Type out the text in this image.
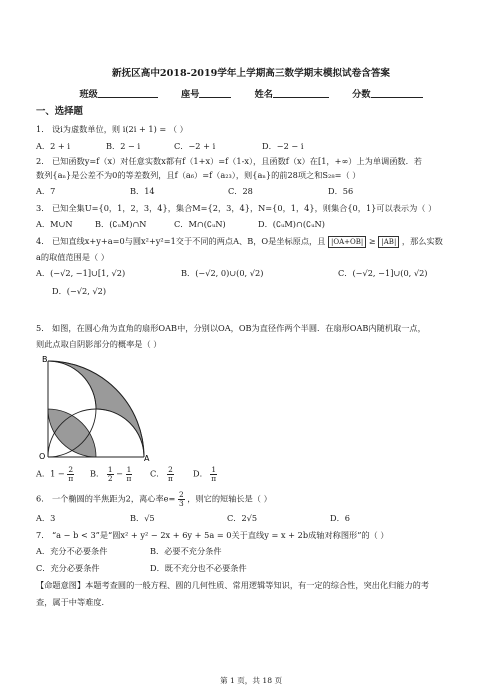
新抚区高中2018-2019学年上学期高三数学期末模拟试卷含答案
班级	座号	姓名	分数
一、选择题
1． 设i为虚数单位，则 i(2i + 1) = （ ）
A．2 + i	B．2 − i	C．−2 + i	D．−2 − i
2． 已知函数y=f（x）对任意实数x都有f（1+x）=f（1-x），且函数f（x）在[1，+∞）上为单调函数．若
数列{aₙ}是公差不为0的等差数列，且f（a₆）=f（a₂₃），则{aₙ}的前28项之和S₂₈=（ ）
A．7	B．14	C．28	D．56
3． 已知全集U={0，1，2，3，4}，集合M={2，3，4}，N={0，1，4}，则集合{0，1}可以表示为（ ）
A．M∪N	B．(∁ᵤM)∩N	C．M∩(∁ᵤN)	D．(∁ᵤM)∩(∁ᵤN)
4． 已知直线x+y+a=0与圆x²+y²=1交于不同的两点A、B，O是坐标原点，且 |OA+OB| ≥ |AB| ，那么实数
a的取值范围是（ ）
A．(−√2, −1]∪[1, √2)	B．(−√2, 0)∪(0, √2)	C．(−√2, −1]∪(0, √2)
D．(−√2, √2)
5． 如图，在圆心角为直角的扇形OAB中，分别以OA，OB为直径作两个半圆．在扇形OAB内随机取一点，
则此点取自阴影部分的概率是（ ）
B
O	A
A．$1 - \frac{2}{\pi}$ B． $\frac{1}{2} - \frac{1}{\pi}$ C． $\frac{2}{\pi}$ D． $\frac{1}{\pi}$
6． 一个椭圆的半焦距为2，离心率$e= \frac{2}{3}$ ，则它的短轴长是（ ）
A．3	B．√5	C．2√5	D．6
7． “a − b < 3”是“圆x² + y² − 2x + 6y + 5a = 0关于直线y = x + 2b成轴对称图形”的（ ）
A．充分不必要条件	B．必要不充分条件
C．充分必要条件	D．既不充分也不必要条件
【命题意图】本题考查圆的一般方程、圆的几何性质、常用逻辑等知识，有一定的综合性，突出化归能力的考
查，属于中等难度．
第 1 页，共 18 页
